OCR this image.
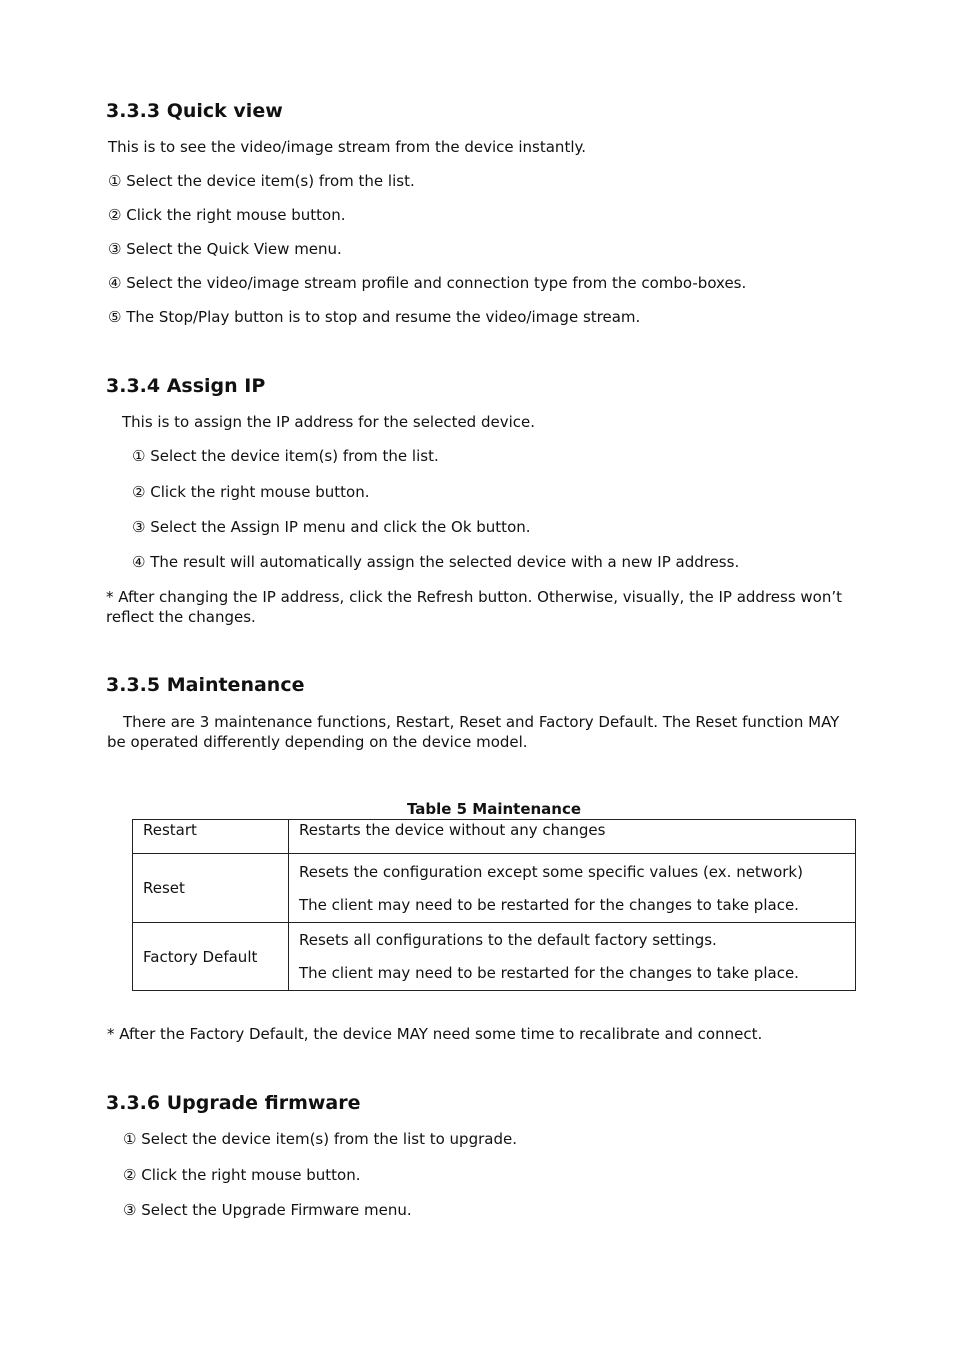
3.3.3 Quick view

This is to see the video/image stream from the device instantly.

① Select the device item(s) from the list.

② Click the right mouse button.

③ Select the Quick View menu.

④ Select the video/image stream profile and connection type from the combo-boxes.

⑤ The Stop/Play button is to stop and resume the video/image stream.

3.3.4 Assign IP

This is to assign the IP address for the selected device.

① Select the device item(s) from the list.

② Click the right mouse button.

③ Select the Assign IP menu and click the Ok button.

④ The result will automatically assign the selected device with a new IP address.

* After changing the IP address, click the Refresh button. Otherwise, visually, the IP address won’t reflect the changes.

3.3.5 Maintenance

There are 3 maintenance functions, Restart, Reset and Factory Default. The Reset function MAY be operated differently depending on the device model.

Table 5 Maintenance
Restart	Restarts the device without any changes

Reset	Resets the configuration except some specific values (ex. network)
The client may need to be restarted for the changes to take place.

Factory Default	Resets all configurations to the default factory settings.
The client may need to be restarted for the changes to take place.

* After the Factory Default, the device MAY need some time to recalibrate and connect.

3.3.6 Upgrade firmware

① Select the device item(s) from the list to upgrade.

② Click the right mouse button.

③ Select the Upgrade Firmware menu.
